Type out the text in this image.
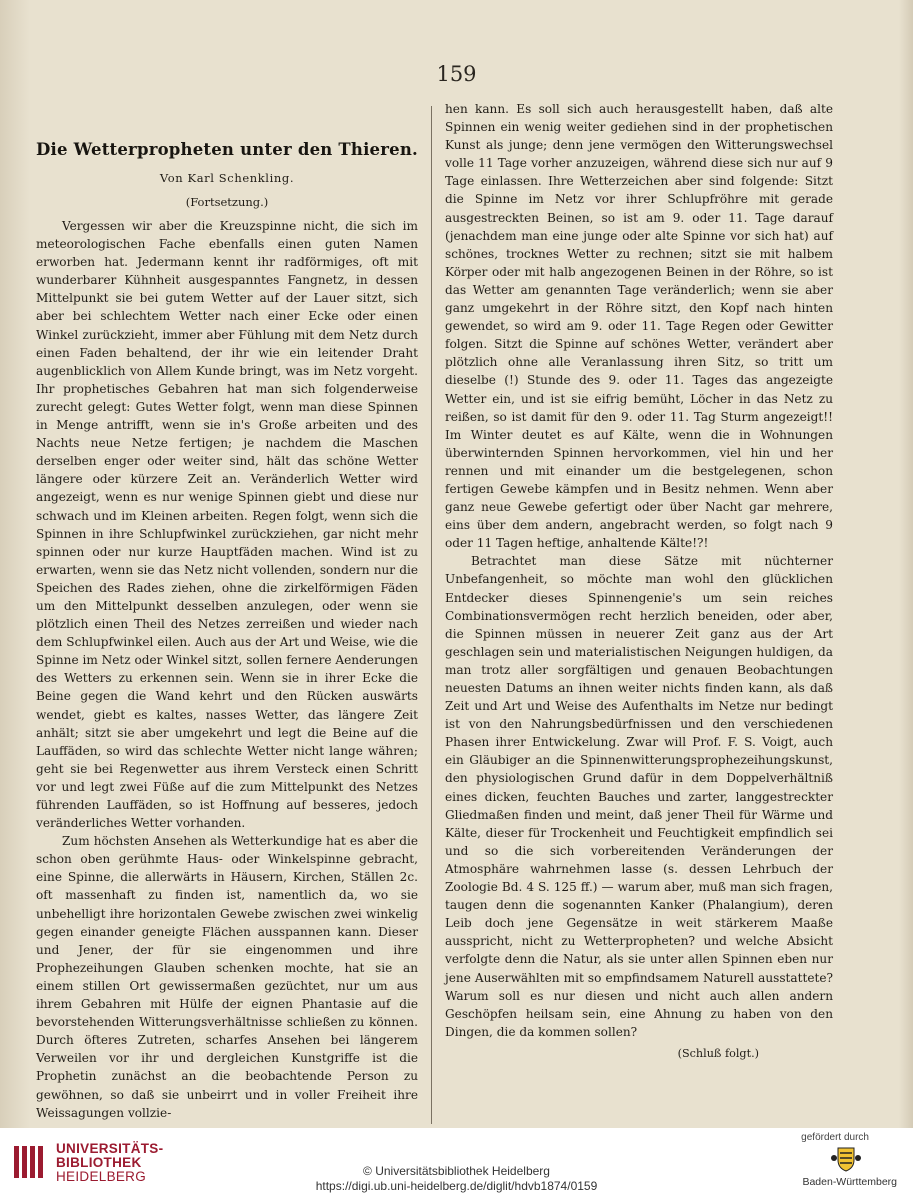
159
Die Wetterpropheten unter den Thieren.
Von Karl Schenkling.
(Fortsetzung.)

Vergessen wir aber die Kreuzspinne nicht, die sich im meteorologischen Fache ebenfalls einen guten Namen erworben hat. Jedermann kennt ihr radförmiges, oft mit wunderbarer Kühnheit ausgespanntes Fangnetz, in dessen Mittelpunkt sie bei gutem Wetter auf der Lauer sitzt, sich aber bei schlechtem Wetter nach einer Ecke oder einen Winkel zurückzieht, immer aber Fühlung mit dem Netz durch einen Faden behaltend, der ihr wie ein leitender Draht augenblicklich von Allem Kunde bringt, was im Netz vorgeht. Ihr prophetisches Gebahren hat man sich folgenderweise zurecht gelegt: Gutes Wetter folgt, wenn man diese Spinnen in Menge antrifft, wenn sie in's Große arbeiten und des Nachts neue Netze fertigen; je nachdem die Maschen derselben enger oder weiter sind, hält das schöne Wetter längere oder kürzere Zeit an. Veränderlich Wetter wird angezeigt, wenn es nur wenige Spinnen giebt und diese nur schwach und im Kleinen arbeiten. Regen folgt, wenn sich die Spinnen in ihre Schlupfwinkel zurückziehen, gar nicht mehr spinnen oder nur kurze Hauptfäden machen. Wind ist zu erwarten, wenn sie das Netz nicht vollenden, sondern nur die Speichen des Rades ziehen, ohne die zirkelförmigen Fäden um den Mittelpunkt desselben anzulegen, oder wenn sie plötzlich einen Theil des Netzes zerreißen und wieder nach dem Schlupfwinkel eilen. Auch aus der Art und Weise, wie die Spinne im Netz oder Winkel sitzt, sollen fernere Aenderungen des Wetters zu erkennen sein. Wenn sie in ihrer Ecke die Beine gegen die Wand kehrt und den Rücken auswärts wendet, giebt es kaltes, nasses Wetter, das längere Zeit anhält; sitzt sie aber umgekehrt und legt die Beine auf die Lauffäden, so wird das schlechte Wetter nicht lange währen; geht sie bei Regenwetter aus ihrem Versteck einen Schritt vor und legt zwei Füße auf die zum Mittelpunkt des Netzes führenden Lauffäden, so ist Hoffnung auf besseres, jedoch veränderliches Wetter vorhanden.

Zum höchsten Ansehen als Wetterkundige hat es aber die schon oben gerühmte Haus- oder Winkelspinne gebracht, eine Spinne, die allerwärts in Häusern, Kirchen, Ställen 2c. oft massenhaft zu finden ist, namentlich da, wo sie unbehelligt ihre horizontalen Gewebe zwischen zwei winkelig gegen einander geneigte Flächen ausspannen kann. Dieser und Jener, der für sie eingenommen und ihre Prophezeihungen Glauben schenken mochte, hat sie an einem stillen Ort gewissermaßen gezüchtet, nur um aus ihrem Gebahren mit Hülfe der eignen Phantasie auf die bevorstehenden Witterungsverhältnisse schließen zu können. Durch öfteres Zutreten, scharfes Ansehen bei längerem Verweilen vor ihr und dergleichen Kunstgriffe ist die Prophetin zunächst an die beobachtende Person zu gewöhnen, so daß sie unbeirrt und in voller Freiheit ihre Weissagungen vollzie-

hen kann. Es soll sich auch herausgestellt haben, daß alte Spinnen ein wenig weiter gediehen sind in der prophetischen Kunst als junge; denn jene vermögen den Witterungswechsel volle 11 Tage vorher anzuzeigen, während diese sich nur auf 9 Tage einlassen. Ihre Wetterzeichen aber sind folgende: Sitzt die Spinne im Netz vor ihrer Schlupfröhre mit gerade ausgestreckten Beinen, so ist am 9. oder 11. Tage darauf (jenachdem man eine junge oder alte Spinne vor sich hat) auf schönes, trocknes Wetter zu rechnen; sitzt sie mit halbem Körper oder mit halb angezogenen Beinen in der Röhre, so ist das Wetter am genannten Tage veränderlich; wenn sie aber ganz umgekehrt in der Röhre sitzt, den Kopf nach hinten gewendet, so wird am 9. oder 11. Tage Regen oder Gewitter folgen. Sitzt die Spinne auf schönes Wetter, verändert aber plötzlich ohne alle Veranlassung ihren Sitz, so tritt um dieselbe (!) Stunde des 9. oder 11. Tages das angezeigte Wetter ein, und ist sie eifrig bemüht, Löcher in das Netz zu reißen, so ist damit für den 9. oder 11. Tag Sturm angezeigt!! Im Winter deutet es auf Kälte, wenn die in Wohnungen überwinternden Spinnen hervorkommen, viel hin und her rennen und mit einander um die bestgelegenen, schon fertigen Gewebe kämpfen und in Besitz nehmen. Wenn aber ganz neue Gewebe gefertigt oder über Nacht gar mehrere, eins über dem andern, angebracht werden, so folgt nach 9 oder 11 Tagen heftige, anhaltende Kälte!?!

Betrachtet man diese Sätze mit nüchterner Unbefangenheit, so möchte man wohl den glücklichen Entdecker dieses Spinnengenie's um sein reiches Combinationsvermögen recht herzlich beneiden, oder aber, die Spinnen müssen in neuerer Zeit ganz aus der Art geschlagen sein und materialistischen Neigungen huldigen, da man trotz aller sorgfältigen und genauen Beobachtungen neuesten Datums an ihnen weiter nichts finden kann, als daß Zeit und Art und Weise des Aufenthalts im Netze nur bedingt ist von den Nahrungsbedürfnissen und den verschiedenen Phasen ihrer Entwickelung. Zwar will Prof. F. S. Voigt, auch ein Gläubiger an die Spinnenwitterungsprophezeihungskunst, den physiologischen Grund dafür in dem Doppelverhältniß eines dicken, feuchten Bauches und zarter, langgestreckter Gliedmaßen finden und meint, daß jener Theil für Wärme und Kälte, dieser für Trockenheit und Feuchtigkeit empfindlich sei und so die sich vorbereitenden Veränderungen der Atmosphäre wahrnehmen lasse (s. dessen Lehrbuch der Zoologie Bd. 4 S. 125 ff.) — warum aber, muß man sich fragen, taugen denn die sogenannten Kanker (Phalangium), deren Leib doch jene Gegensätze in weit stärkerem Maaße ausspricht, nicht zu Wetterpropheten? und welche Absicht verfolgte denn die Natur, als sie unter allen Spinnen eben nur jene Auserwählten mit so empfindsamem Naturell ausstattete? Warum soll es nur diesen und nicht auch allen andern Geschöpfen heilsam sein, eine Ahnung zu haben von den Dingen, die da kommen sollen?

(Schluß folgt.)
UNIVERSITÄTS-
BIBLIOTHEK
HEIDELBERG	© Universitätsbibliothek Heidelberg
https://digi.ub.uni-heidelberg.de/diglit/hdvb1874/0159
gefördert durch
Baden-Württemberg
